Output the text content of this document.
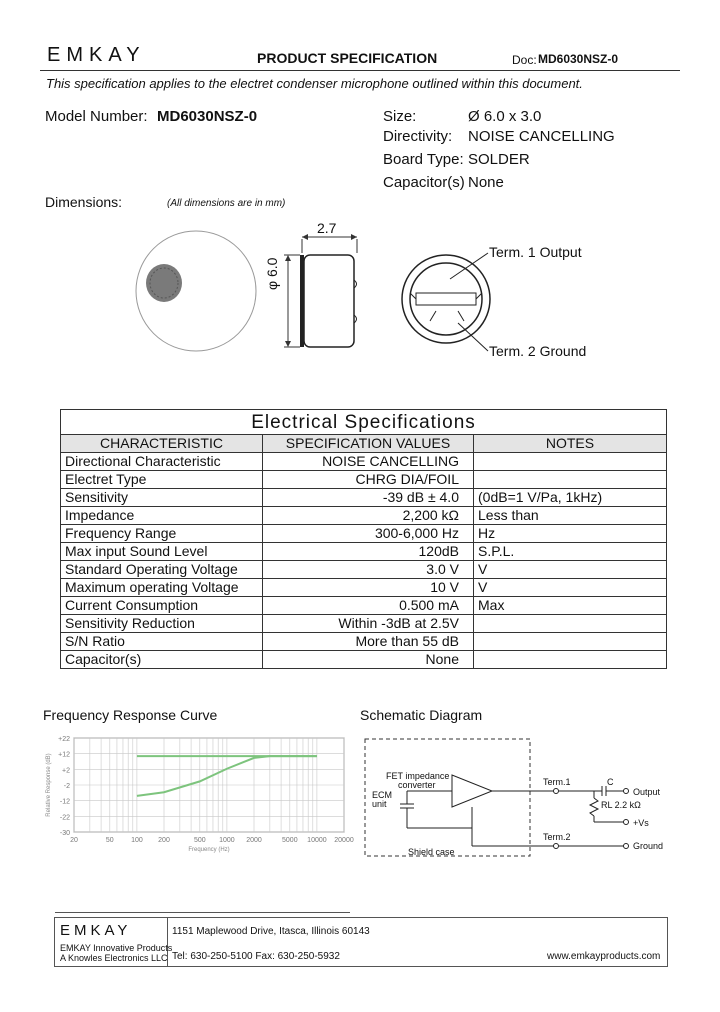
EMKAY	PRODUCT SPECIFICATION	Doc: MD6030NSZ-0
This specification applies to the electret condenser microphone outlined within this document.
Model Number: MD6030NSZ-0	Size:	Ø 6.0 x 3.0
Directivity: NOISE CANCELLING
Board Type: SOLDER
Capacitor(s) None
Dimensions:	(All dimensions are in mm)
2.7
φ 6.0
Term. 1 Output
Term. 2 Ground
Electrical Specifications		
CHARACTERISTIC	SPECIFICATION VALUES	NOTES
Directional Characteristic	NOISE CANCELLING	
Electret Type	CHRG DIA/FOIL	
Sensitivity	-39 dB ± 4.0	(0dB=1 V/Pa, 1kHz)
Impedance	2,200 kΩ	Less than
Frequency Range	300-6,000 Hz	Hz
Max input Sound Level	120dB	S.P.L.
Standard Operating Voltage	3.0 V	V
Maximum operating Voltage	10 V	V
Current Consumption	0.500 mA	Max
Sensitivity Reduction	Within -3dB at 2.5V	
S/N Ratio	More than 55 dB	
Capacitor(s)	None	
Frequency Response Curve
+22
+12
+2
-2
-12
-22
-30
20	50 100 200	500 1000 2000	5000 10000 20000
Frequency (Hz)
Relative Response (dB)
Schematic Diagram
FET impedance
converter
ECM
unit
Term.1
Term.2
C
Output
RL 2.2 kΩ
+Vs
Ground
Shield case
EMKAY
EMKAY Innovative Products
A Knowles Electronics LLC
1151 Maplewood Drive, Itasca, Illinois 60143
Tel: 630-250-5100 Fax: 630-250-5932	www.emkayproducts.com
